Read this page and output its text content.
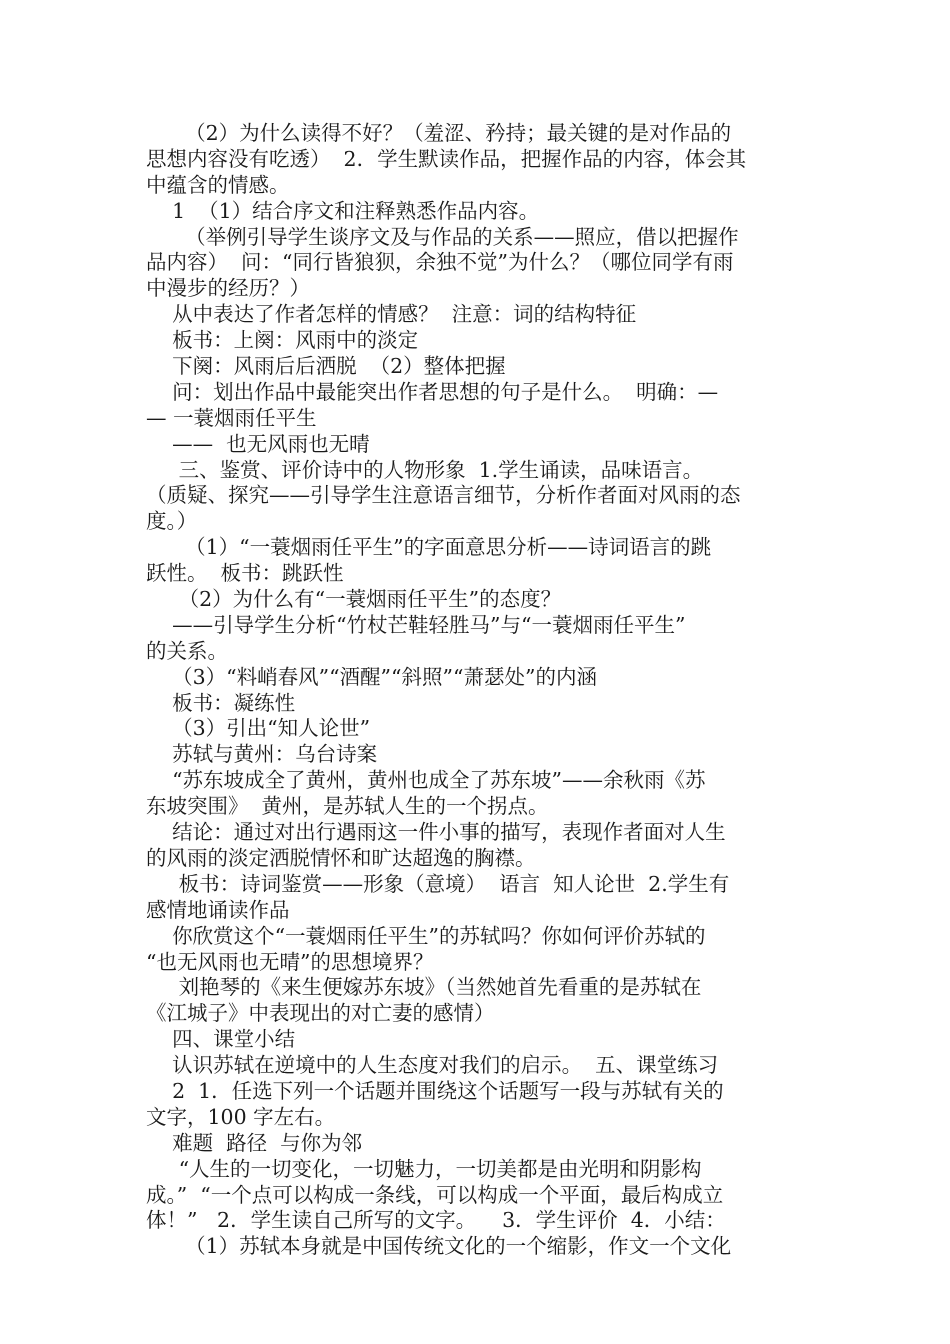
（2）为什么读得不好？（羞涩、矜持；最关键的是对作品的
思想内容没有吃透）  2．学生默读作品，把握作品的内容，体会其
中蕴含的情感。
1  （1）结合序文和注释熟悉作品内容。
（举例引导学生谈序文及与作品的关系——照应，借以把握作
品内容）  问：“同行皆狼狈，余独不觉”为什么？（哪位同学有雨
中漫步的经历？）
从中表达了作者怎样的情感？  注意：词的结构特征
板书：上阕：风雨中的淡定
下阕：风雨后后洒脱  （2）整体把握
问：划出作品中最能突出作者思想的句子是什么。  明确：—
— 一蓑烟雨任平生
——  也无风雨也无晴
三、鉴赏、评价诗中的人物形象  1.学生诵读，品味语言。
（质疑、探究——引导学生注意语言细节，分析作者面对风雨的态
度。）
（1）“一蓑烟雨任平生”的字面意思分析——诗词语言的跳
跃性。  板书：跳跃性
（2）为什么有“一蓑烟雨任平生”的态度？
——引导学生分析“竹杖芒鞋轻胜马”与“一蓑烟雨任平生”
的关系。
（3）“料峭春风”“酒醒”“斜照”“萧瑟处”的内涵
板书：凝练性
（3）引出“知人论世”
苏轼与黄州：乌台诗案
“苏东坡成全了黄州，黄州也成全了苏东坡”——余秋雨《苏
东坡突围》  黄州，是苏轼人生的一个拐点。
结论：通过对出行遇雨这一件小事的描写，表现作者面对人生
的风雨的淡定洒脱情怀和旷达超逸的胸襟。
板书：诗词鉴赏——形象（意境）  语言  知人论世  2.学生有
感情地诵读作品
你欣赏这个“一蓑烟雨任平生”的苏轼吗？你如何评价苏轼的
“也无风雨也无晴”的思想境界？
刘艳琴的《来生便嫁苏东坡》（当然她首先看重的是苏轼在
《江城子》中表现出的对亡妻的感情）
四、课堂小结
认识苏轼在逆境中的人生态度对我们的启示。  五、课堂练习
2  1．任选下列一个话题并围绕这个话题写一段与苏轼有关的
文字，100 字左右。
难题  路径  与你为邻
“人生的一切变化，一切魅力，一切美都是由光明和阴影构
成。”  “一个点可以构成一条线，可以构成一个平面，最后构成立
体！”   2．学生读自己所写的文字。    3．学生评价  4．小结：
（1）苏轼本身就是中国传统文化的一个缩影，作文一个文化
